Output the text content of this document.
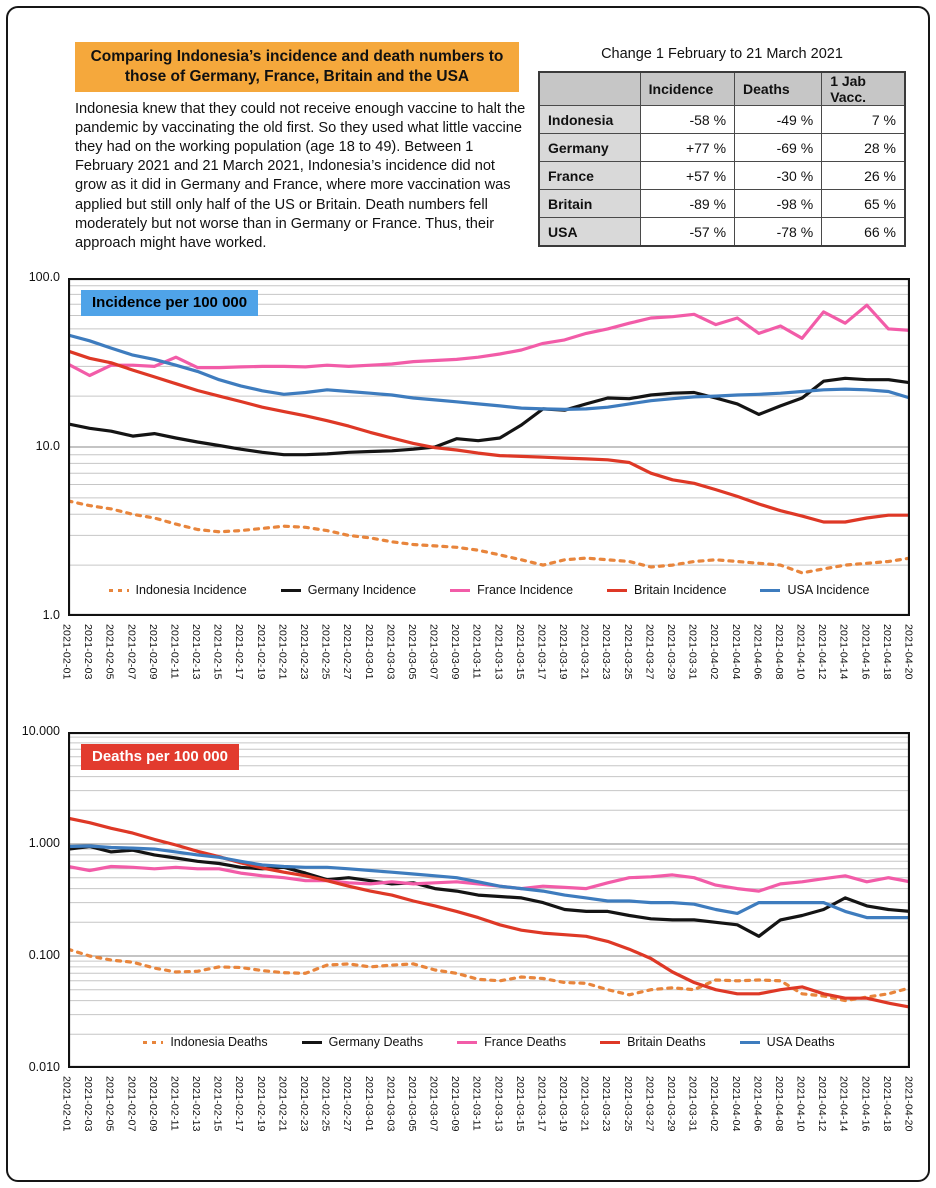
Comparing Indonesia’s incidence and death numbers to those of Germany, France, Britain and the USA
Indonesia knew that they could not receive enough vaccine to halt the pandemic by vaccinating the old first. So they used what little vaccine they had on the working population (age 18 to 49). Between 1 February 2021 and 21 March 2021, Indonesia’s incidence did not grow as it did in Germany and France, where more vaccination was applied but still only half of the US or Britain. Death numbers fell moderately but not worse than in Germany or France. Thus, their approach might have worked.
Change 1 February to 21 March 2021
	Incidence	Deaths	1 Jab Vacc.
Indonesia	-58 %	-49 %	7 %
Germany	+77 %	-69 %	28 %
France	+57 %	-30 %	26 %
Britain	-89 %	-98 %	65 %
USA	-57 %	-78 %	66 %
100.0
10.0
1.0
Incidence per 100 000
Indonesia Incidence	Germany Incidence	France Incidence	Britain Incidence	USA Incidence
2021-02-01 2021-02-03 2021-02-05 2021-02-07 2021-02-09 2021-02-11 2021-02-13 2021-02-15 2021-02-17 2021-02-19 2021-02-21 2021-02-23 2021-02-25 2021-02-27 2021-03-01 2021-03-03 2021-03-05 2021-03-07 2021-03-09 2021-03-11 2021-03-13 2021-03-15 2021-03-17 2021-03-19 2021-03-21 2021-03-23 2021-03-25 2021-03-27 2021-03-29 2021-03-31 2021-04-02 2021-04-04 2021-04-06 2021-04-08 2021-04-10 2021-04-12 2021-04-14 2021-04-16 2021-04-18 2021-04-20
10.000
1.000
0.100
0.010
Deaths per 100 000
Indonesia Deaths	Germany Deaths	France Deaths	Britain Deaths	USA Deaths
2021-02-01 2021-02-03 2021-02-05 2021-02-07 2021-02-09 2021-02-11 2021-02-13 2021-02-15 2021-02-17 2021-02-19 2021-02-21 2021-02-23 2021-02-25 2021-02-27 2021-03-01 2021-03-03 2021-03-05 2021-03-07 2021-03-09 2021-03-11 2021-03-13 2021-03-15 2021-03-17 2021-03-19 2021-03-21 2021-03-23 2021-03-25 2021-03-27 2021-03-29 2021-03-31 2021-04-02 2021-04-04 2021-04-06 2021-04-08 2021-04-10 2021-04-12 2021-04-14 2021-04-16 2021-04-18 2021-04-20
